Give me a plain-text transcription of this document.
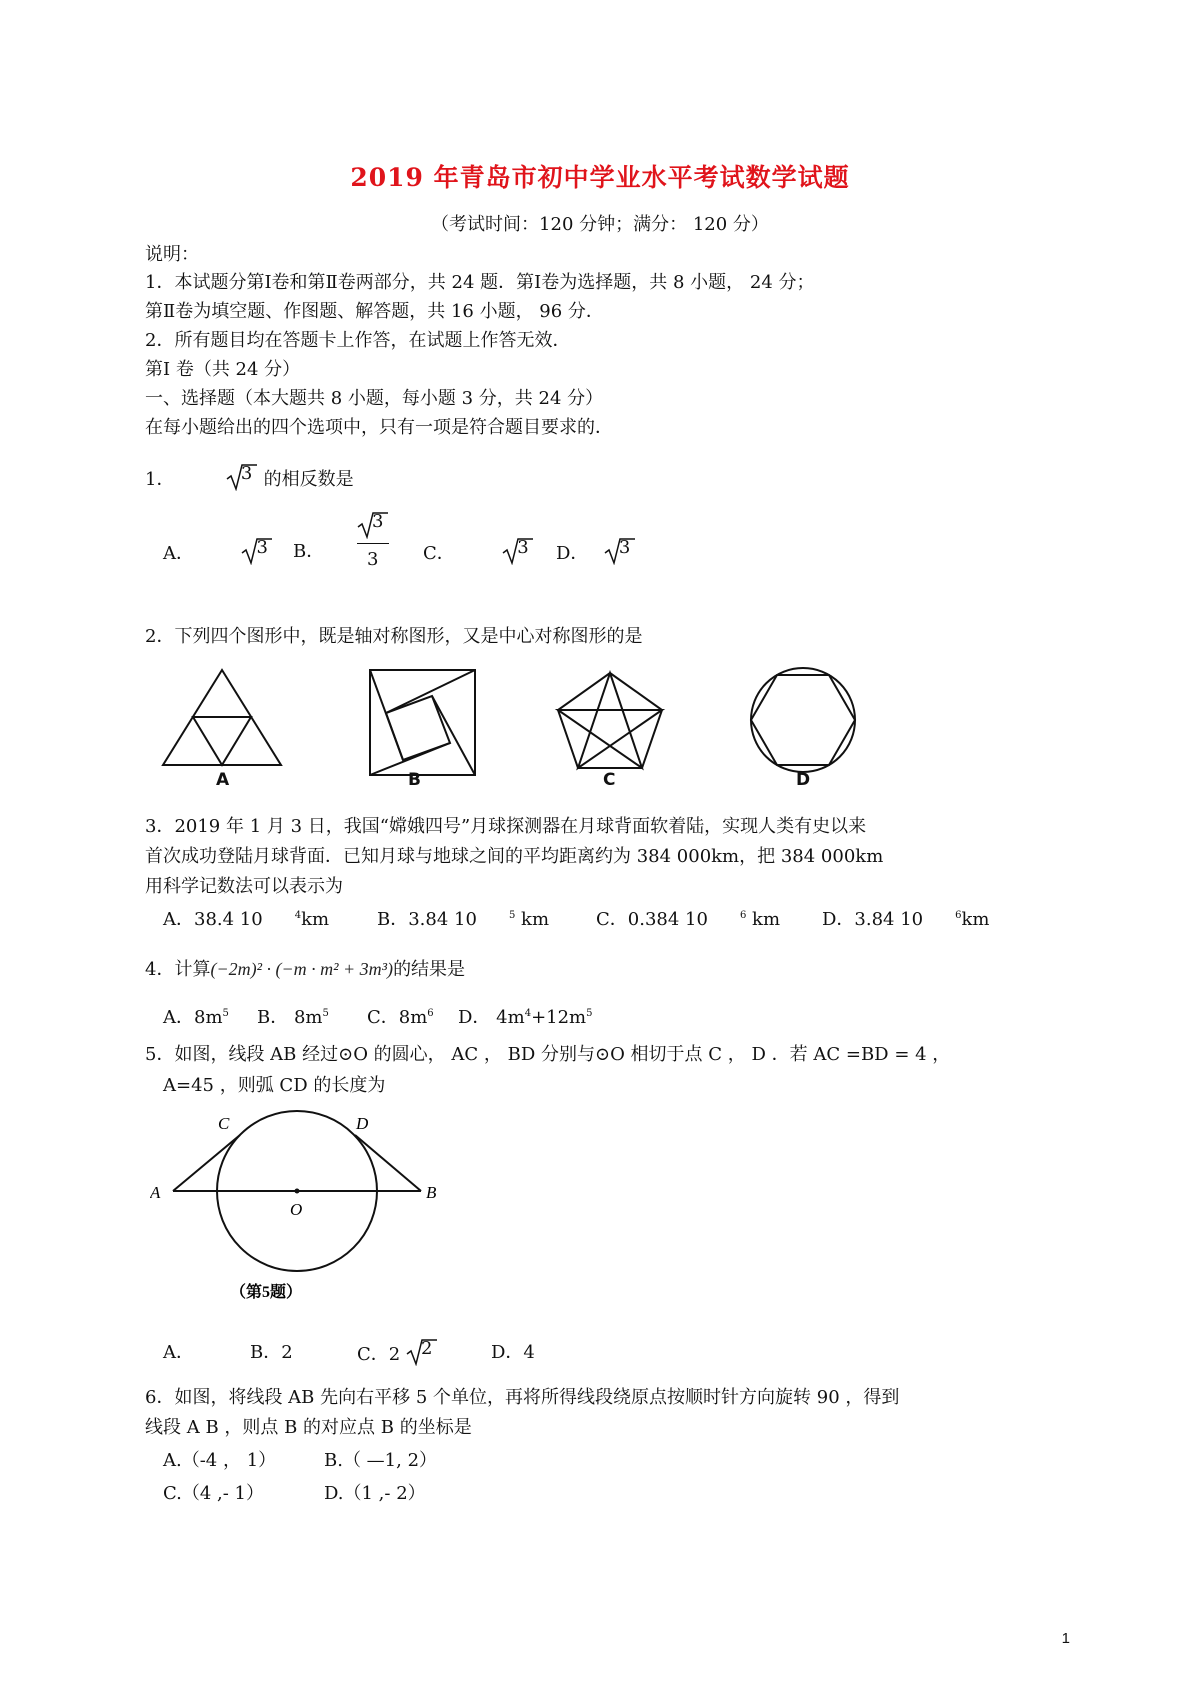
2019 年青岛市初中学业水平考试数学试题
（考试时间：120 分钟；满分： 120 分）
说明：
1．本试题分第Ⅰ卷和第Ⅱ卷两部分，共 24 题．第Ⅰ卷为选择题，共 8 小题， 24 分；
第Ⅱ卷为填空题、作图题、解答题，共 16 小题， 96 分．
2．所有题目均在答题卡上作答，在试题上作答无效．
第Ⅰ 卷（共 24 分）
一、选择题（本大题共 8 小题，每小题 3 分，共 24 分）
在每小题给出的四个选项中，只有一项是符合题目要求的．
1．	3 的相反数是
A．	3 B．
3
3 C．	3 D． 3
2．下列四个图形中，既是轴对称图形，又是中心对称图形的是
A	B	C	D
3．2019 年 1 月 3 日，我国“嫦娥四号”月球探测器在月球背面软着陆，实现人类有史以来
首次成功登陆月球背面．已知月球与地球之间的平均距离约为 384 000km，把 384 000km
用科学记数法可以表示为
A．38.4 10	$^4$km	B．3.84 10	$^5$ km	C．0.384 10	$^6$ km D．3.84 10	$^6$km
4．计算(−2m)² · (−m · m² + 3m³)的结果是
A．$8m^5$ B． $8m^5$ C．$8m^6$ D． $4m^4+12m^5$
5．如图，线段 AB 经过⊙O 的圆心， AC ， BD 分别与⊙O 相切于点 C ， D ．若 AC =BD = 4 ，
A=45 ，则弧 CD 的长度为
C	D
A
O
B
（第5题）
A．	B．2	C．2 2	D．4
6．如图，将线段 AB 先向右平移 5 个单位，再将所得线段绕原点按顺时针方向旋转 90 ，得到
线段 A B ，则点 B 的对应点 B 的坐标是
A.（-4 ， 1）	B.（ —1, 2）
C.（4 ,- 1）	D.（1 ,- 2）
1
